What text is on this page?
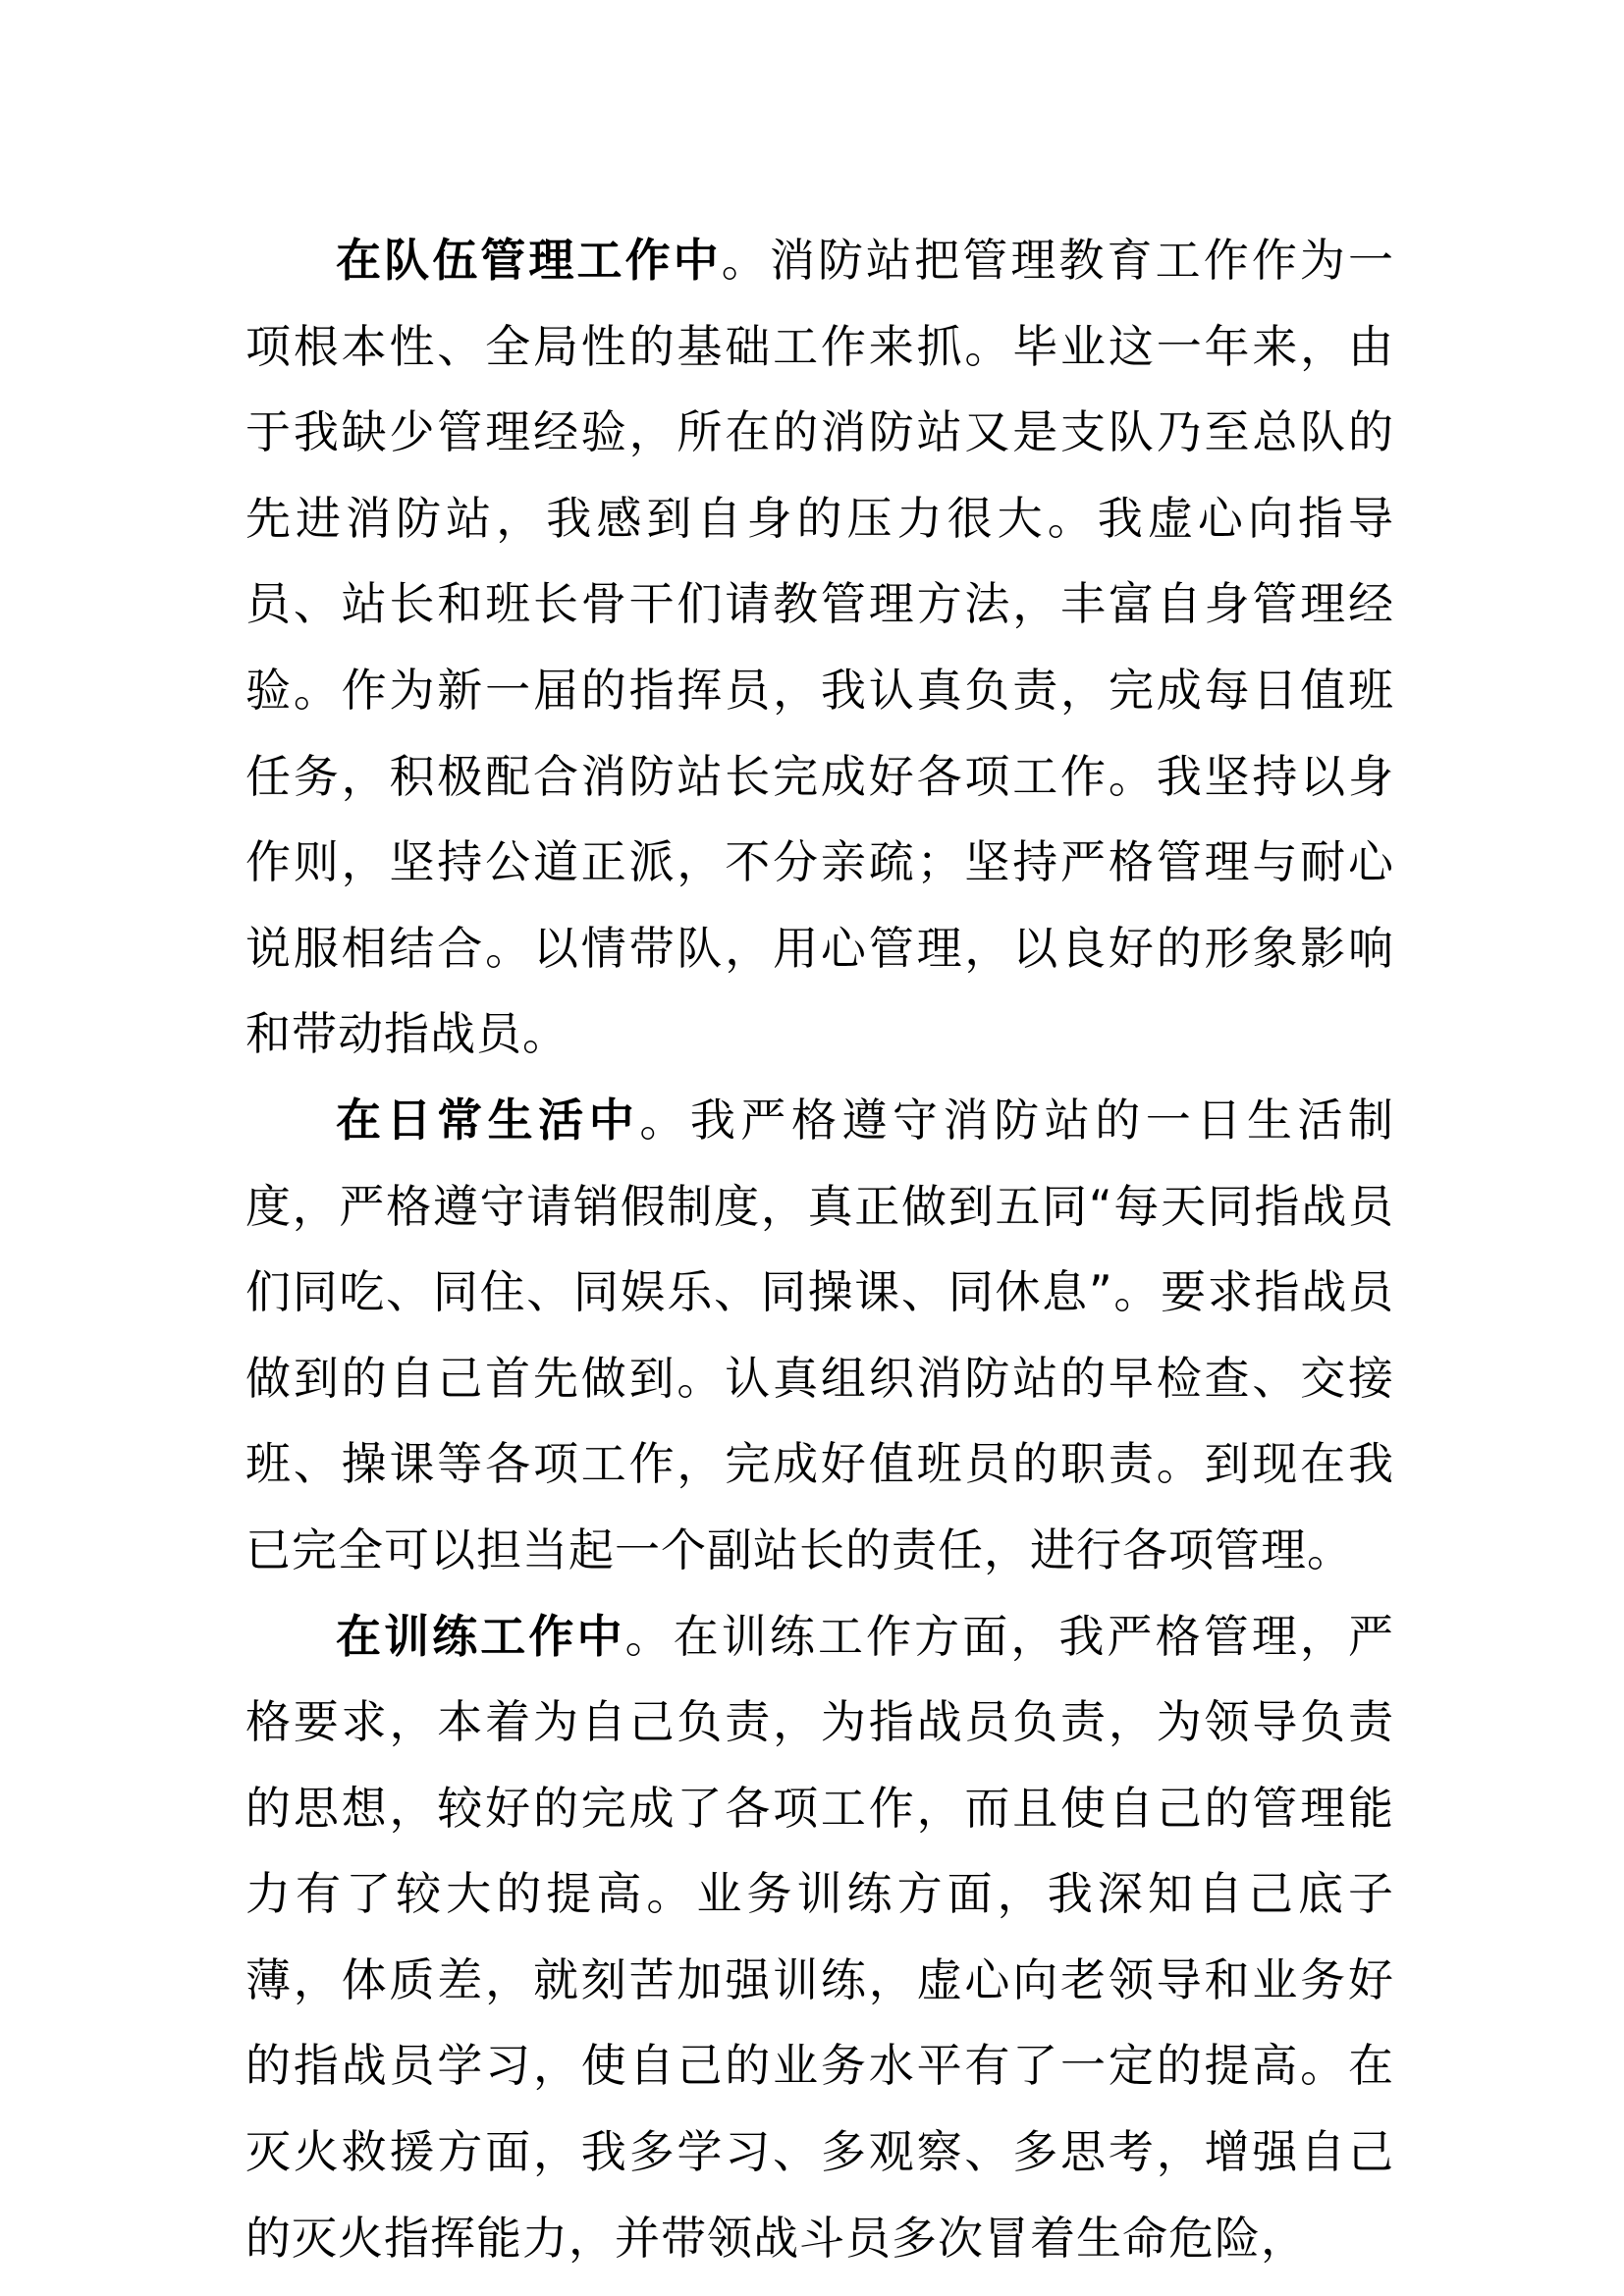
在队伍管理工作中。消防站把管理教育工作作为一项根本性、全局性的基础工作来抓。毕业这一年来，由于我缺少管理经验，所在的消防站又是支队乃至总队的先进消防站，我感到自身的压力很大。我虚心向指导员、站长和班长骨干们请教管理方法，丰富自身管理经验。作为新一届的指挥员，我认真负责，完成每日值班任务，积极配合消防站长完成好各项工作。我坚持以身作则，坚持公道正派，不分亲疏；坚持严格管理与耐心说服相结合。以情带队，用心管理，以良好的形象影响和带动指战员。

在日常生活中。我严格遵守消防站的一日生活制度，严格遵守请销假制度，真正做到五同“每天同指战员们同吃、同住、同娱乐、同操课、同休息”。要求指战员做到的自己首先做到。认真组织消防站的早检查、交接班、操课等各项工作，完成好值班员的职责。到现在我已完全可以担当起一个副站长的责任，进行各项管理。

在训练工作中。在训练工作方面，我严格管理，严格要求，本着为自己负责，为指战员负责，为领导负责的思想，较好的完成了各项工作，而且使自己的管理能力有了较大的提高。业务训练方面，我深知自己底子薄，体质差，就刻苦加强训练，虚心向老领导和业务好的指战员学习，使自己的业务水平有了一定的提高。在灭火救援方面，我多学习、多观察、多思考，增强自己的灭火指挥能力，并带领战斗员多次冒着生命危险，
